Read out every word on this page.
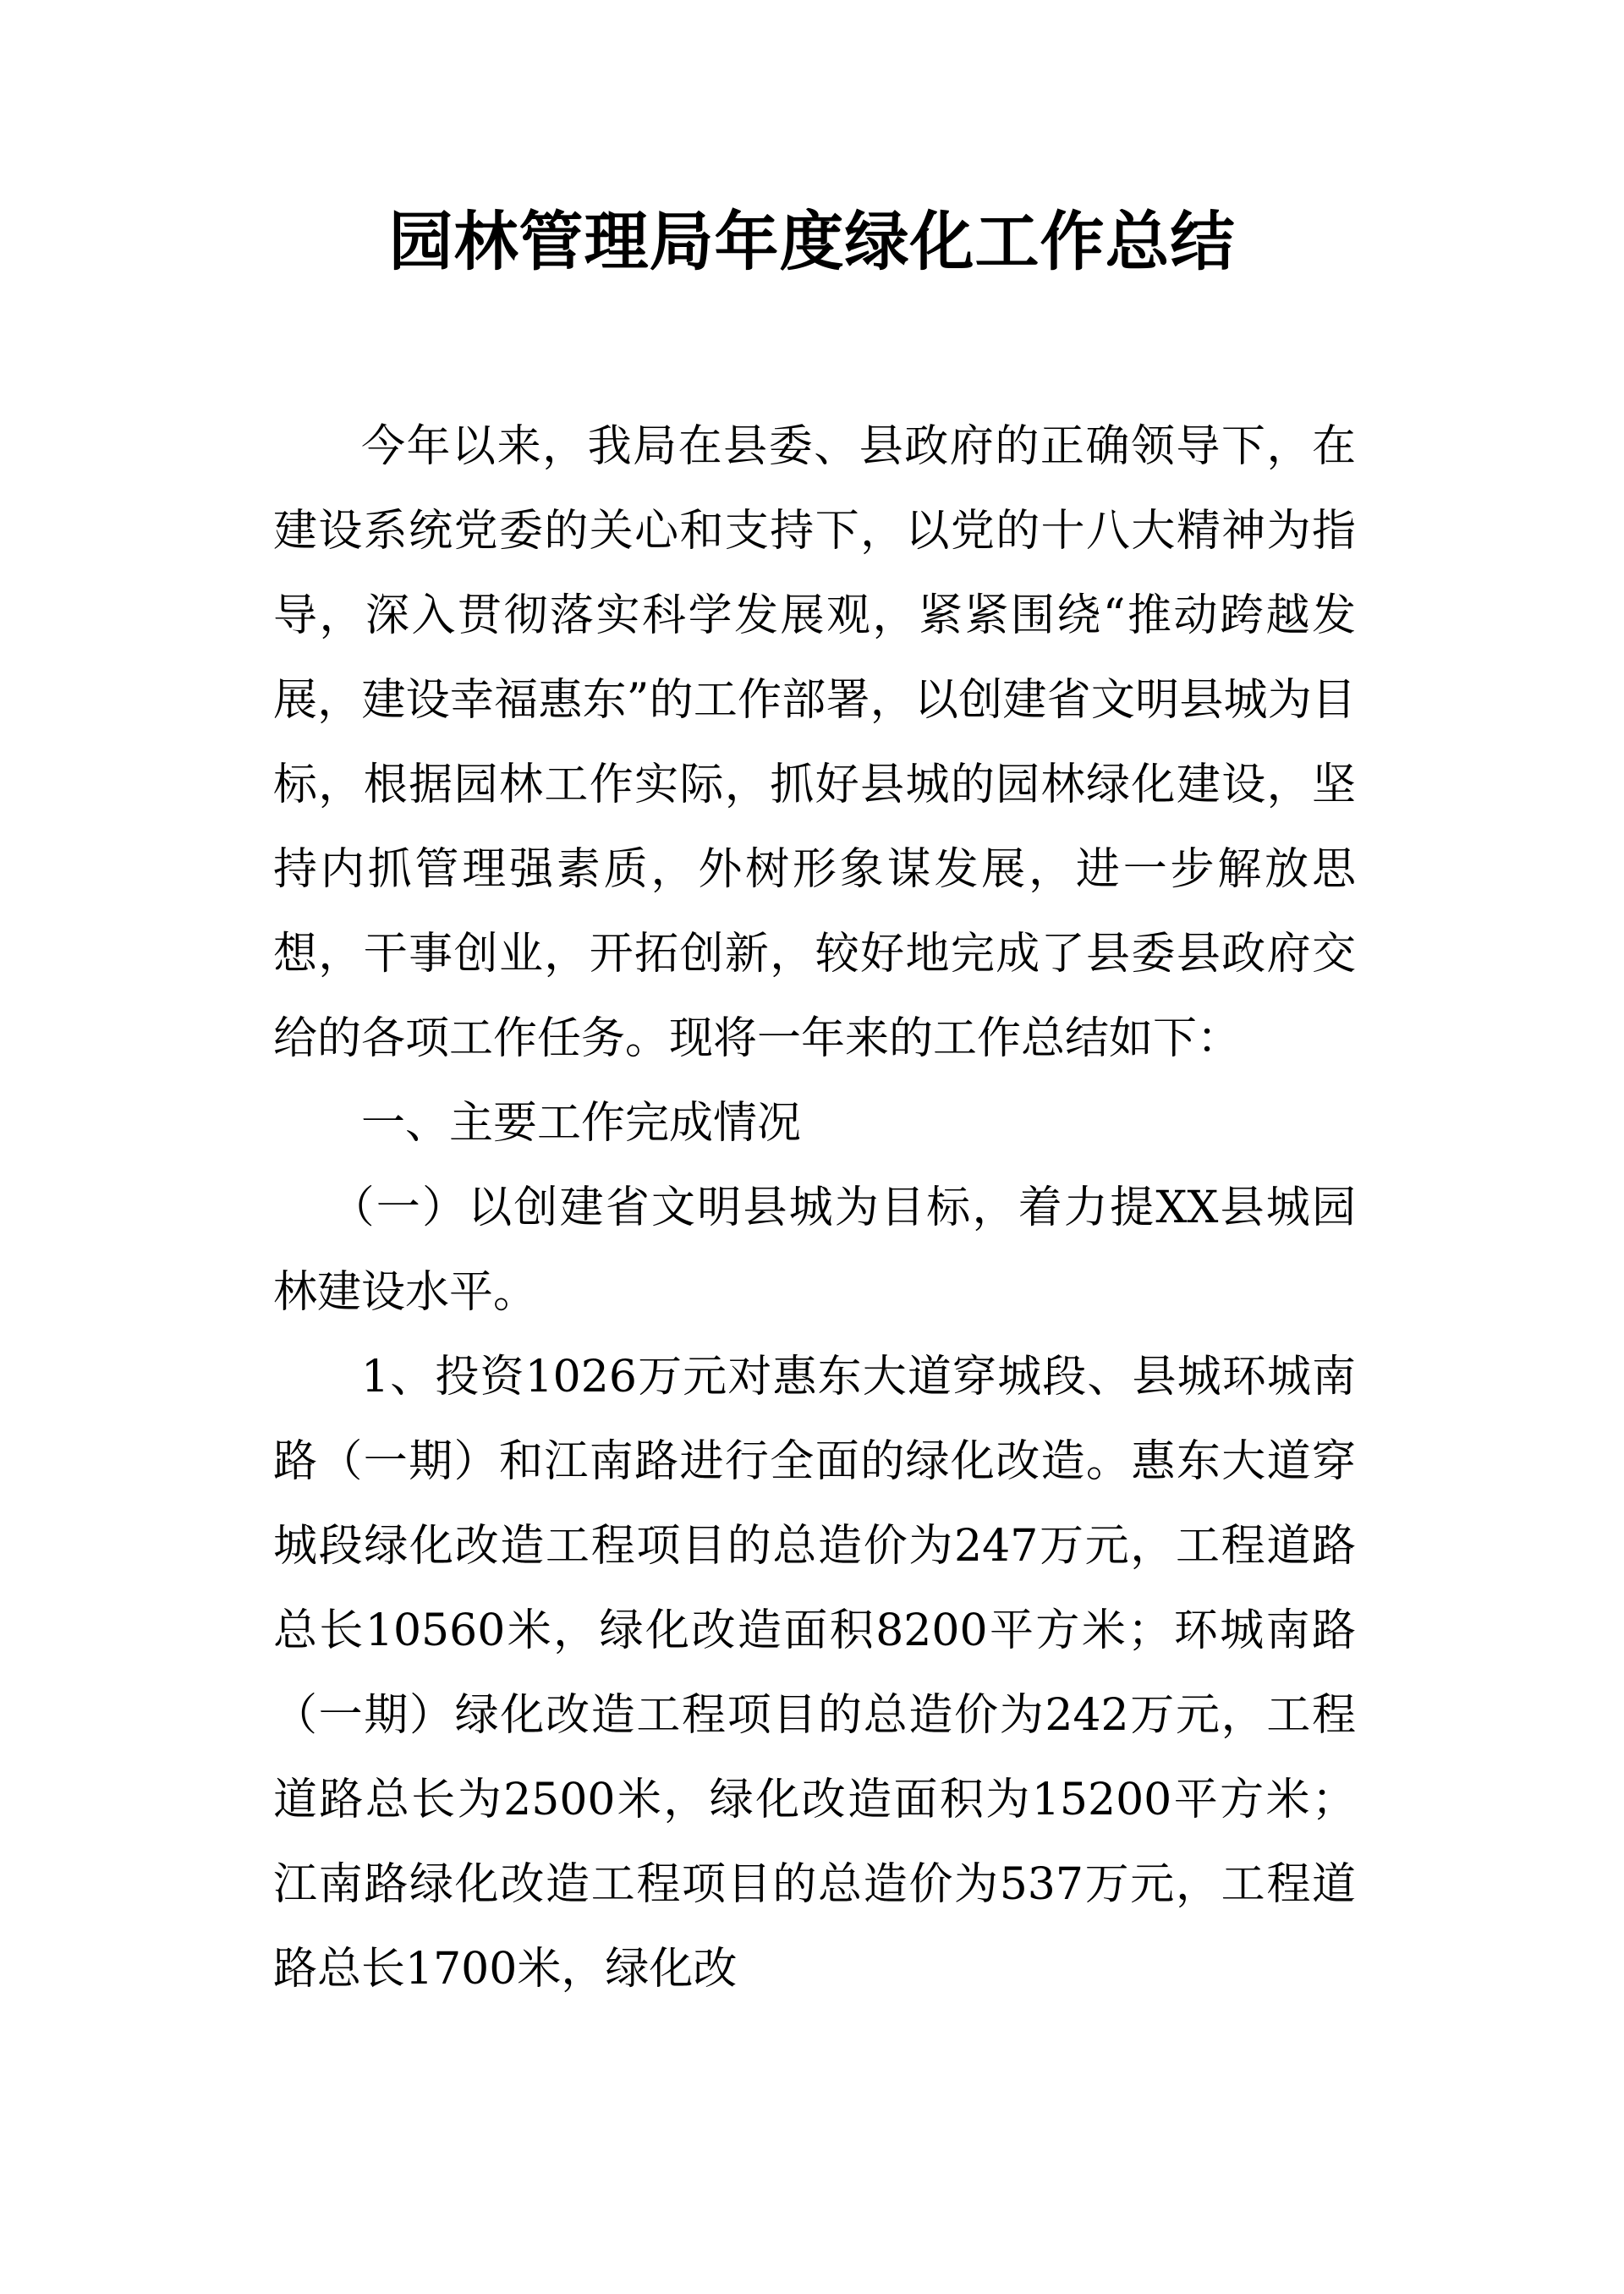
园林管理局年度绿化工作总结

今年以来，我局在县委、县政府的正确领导下，在建设系统党委的关心和支持下，以党的十八大精神为指导，深入贯彻落实科学发展观，紧紧围绕“推动跨越发展，建设幸福惠东”的工作部署，以创建省文明县城为目标，根据园林工作实际，抓好县城的园林绿化建设，坚持内抓管理强素质，外树形象谋发展，进一步解放思想，干事创业，开拓创新，较好地完成了县委县政府交给的各项工作任务。现将一年来的工作总结如下：

一、主要工作完成情况

（一）以创建省文明县城为目标，着力提XX县城园林建设水平。

1、投资1026万元对惠东大道穿城段、县城环城南路（一期）和江南路进行全面的绿化改造。惠东大道穿城段绿化改造工程项目的总造价为247万元，工程道路总长10560米，绿化改造面积8200平方米；环城南路（一期）绿化改造工程项目的总造价为242万元，工程道路总长为2500米，绿化改造面积为15200平方米；江南路绿化改造工程项目的总造价为537万元，工程道路总长1700米，绿化改
